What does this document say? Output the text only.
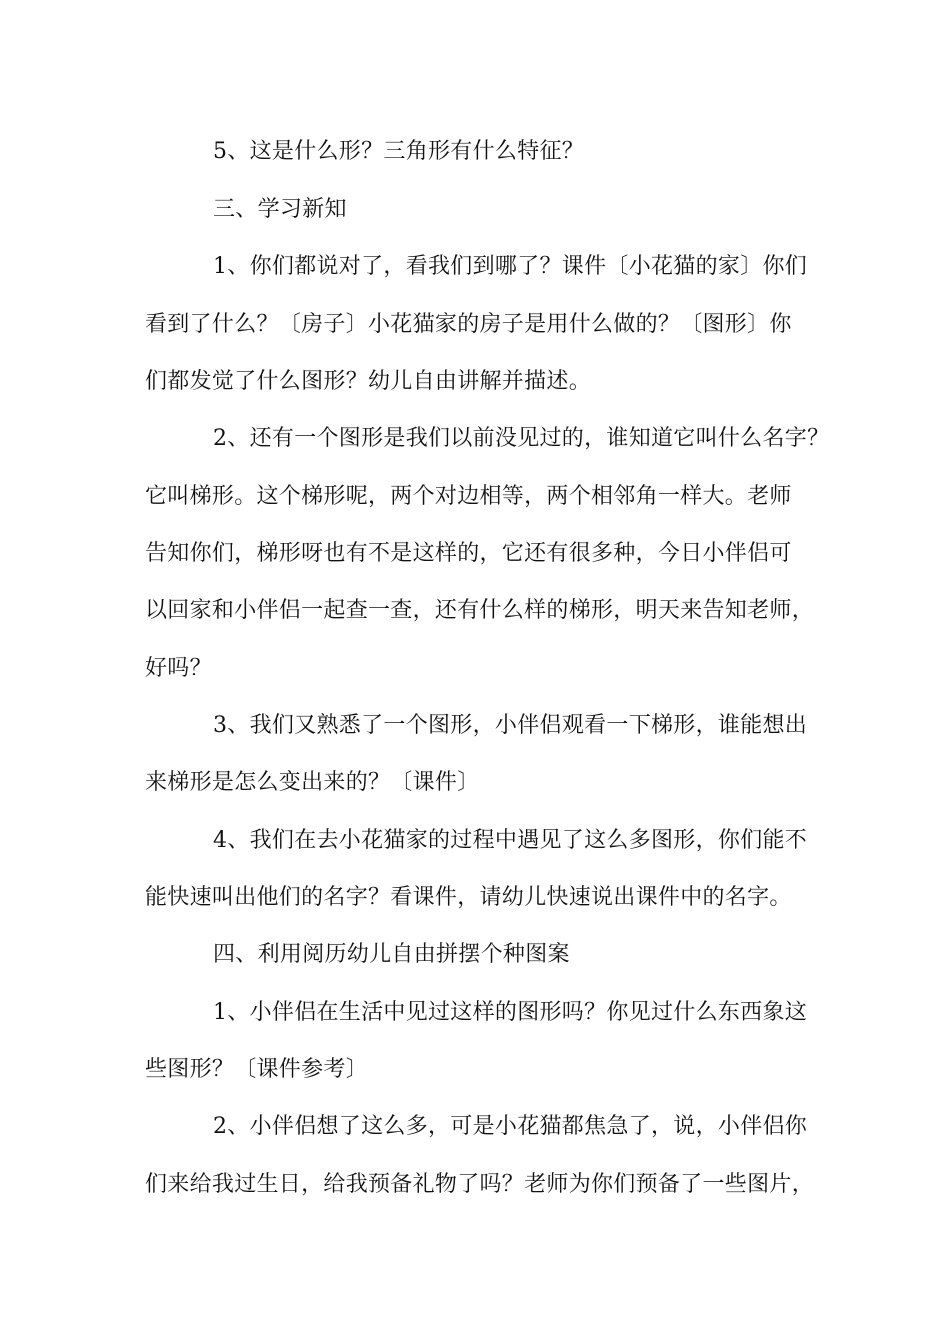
5、这是什么形？三角形有什么特征？
三、学习新知
1、你们都说对了，看我们到哪了？课件〔小花猫的家〕你们
看到了什么？〔房子〕小花猫家的房子是用什么做的？〔图形〕你
们都发觉了什么图形？幼儿自由讲解并描述。
2、还有一个图形是我们以前没见过的，谁知道它叫什么名字？
它叫梯形。这个梯形呢，两个对边相等，两个相邻角一样大。老师
告知你们，梯形呀也有不是这样的，它还有很多种，今日小伴侣可
以回家和小伴侣一起查一查，还有什么样的梯形，明天来告知老师，
好吗？
3、我们又熟悉了一个图形，小伴侣观看一下梯形，谁能想出
来梯形是怎么变出来的？〔课件〕
4、我们在去小花猫家的过程中遇见了这么多图形，你们能不
能快速叫出他们的名字？看课件，请幼儿快速说出课件中的名字。
四、利用阅历幼儿自由拼摆个种图案
1、小伴侣在生活中见过这样的图形吗？你见过什么东西象这
些图形？〔课件参考〕
2、小伴侣想了这么多，可是小花猫都焦急了，说，小伴侣你
们来给我过生日，给我预备礼物了吗？老师为你们预备了一些图片，
